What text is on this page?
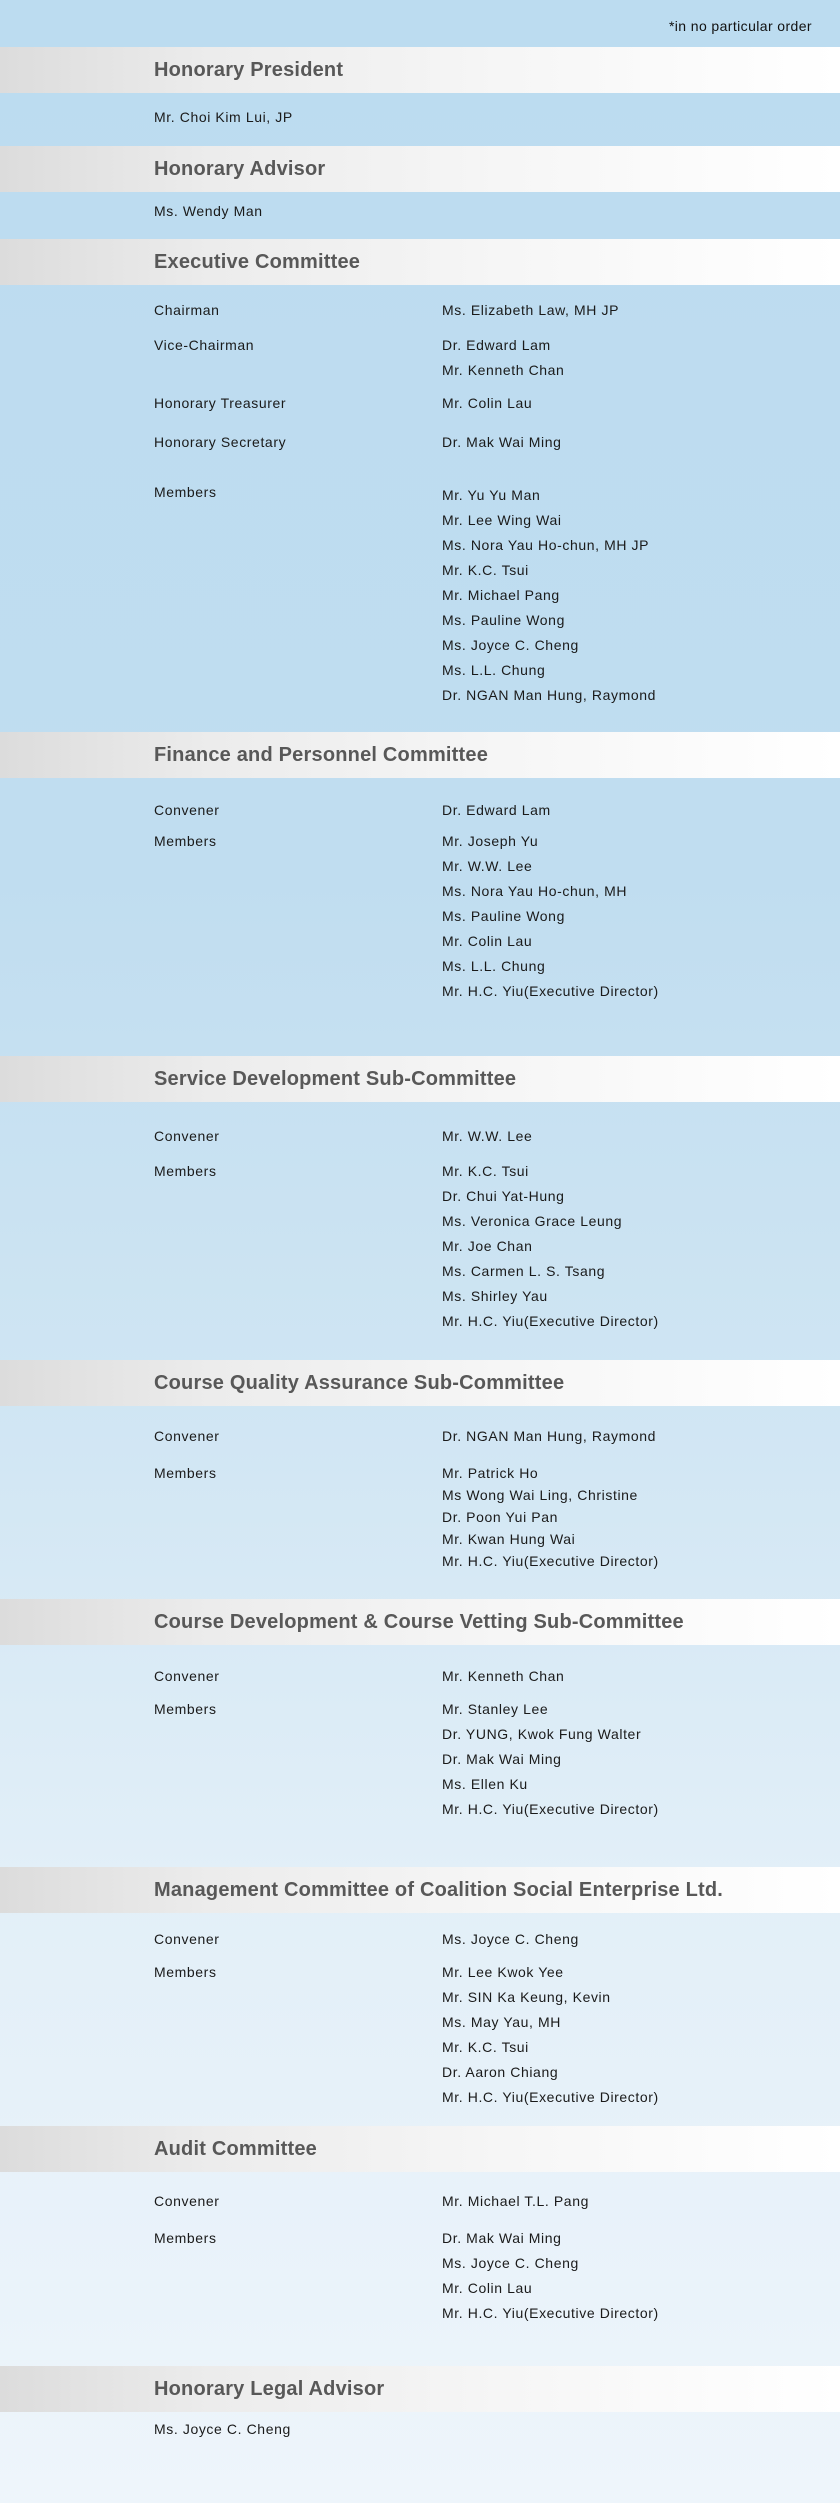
*in no particular order
Honorary President
Mr. Choi Kim Lui, JP
Honorary Advisor
Ms. Wendy Man
Executive Committee
Chairman	Ms. Elizabeth Law, MH JP
Vice-Chairman	Dr. Edward Lam
Mr. Kenneth Chan
Honorary Treasurer	Mr. Colin Lau
Honorary Secretary	Dr. Mak Wai Ming
Members	Mr. Yu Yu Man
Mr. Lee Wing Wai
Ms. Nora Yau Ho-chun, MH JP
Mr. K.C. Tsui
Mr. Michael Pang
Ms. Pauline Wong
Ms. Joyce C. Cheng
Ms. L.L. Chung
Dr. NGAN Man Hung, Raymond
Finance and Personnel Committee
Convener	Dr. Edward Lam
Members	Mr. Joseph Yu
Mr. W.W. Lee
Ms. Nora Yau Ho-chun, MH
Ms. Pauline Wong
Mr. Colin Lau
Ms. L.L. Chung
Mr. H.C. Yiu(Executive Director)
Service Development Sub-Committee
Convener	Mr. W.W. Lee
Members	Mr. K.C. Tsui
Dr. Chui Yat-Hung
Ms. Veronica Grace Leung
Mr. Joe Chan
Ms. Carmen L. S. Tsang
Ms. Shirley Yau
Mr. H.C. Yiu(Executive Director)
Course Quality Assurance Sub-Committee
Convener	Dr. NGAN Man Hung, Raymond
Members	Mr. Patrick Ho
Ms Wong Wai Ling, Christine
Dr. Poon Yui Pan
Mr. Kwan Hung Wai
Mr. H.C. Yiu(Executive Director)
Course Development & Course Vetting Sub-Committee
Convener	Mr. Kenneth Chan
Members	Mr. Stanley Lee
Dr. YUNG, Kwok Fung Walter
Dr. Mak Wai Ming
Ms. Ellen Ku
Mr. H.C. Yiu(Executive Director)
Management Committee of Coalition Social Enterprise Ltd.
Convener	Ms. Joyce C. Cheng
Members	Mr. Lee Kwok Yee
Mr. SIN Ka Keung, Kevin
Ms. May Yau, MH
Mr. K.C. Tsui
Dr. Aaron Chiang
Mr. H.C. Yiu(Executive Director)
Audit Committee
Convener	Mr. Michael T.L. Pang
Members	Dr. Mak Wai Ming
Ms. Joyce C. Cheng
Mr. Colin Lau
Mr. H.C. Yiu(Executive Director)
Honorary Legal Advisor
Ms. Joyce C. Cheng
